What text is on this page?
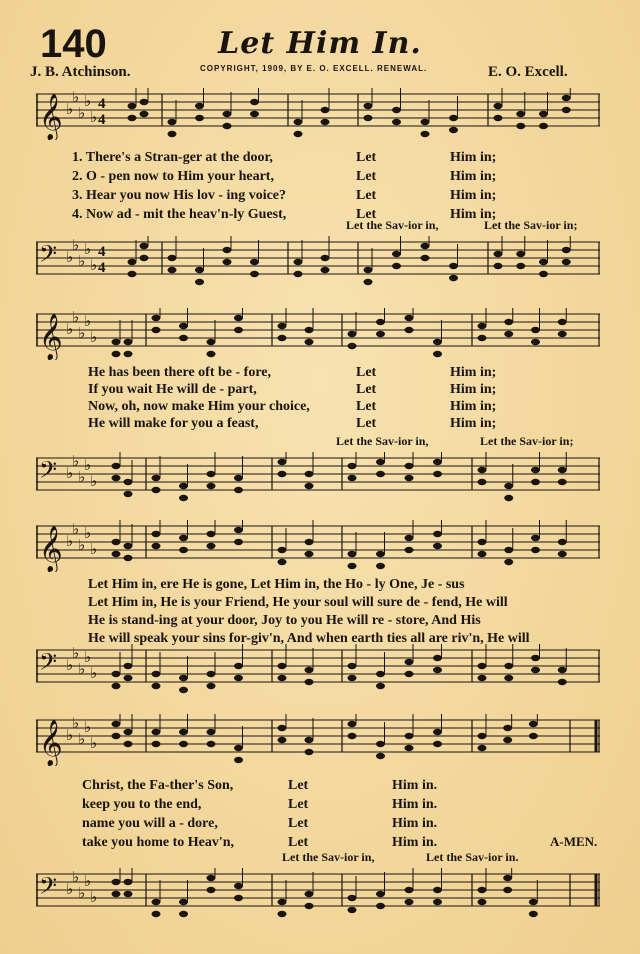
140	Let Him In.
J. B. Atchinson.	COPYRIGHT, 1909, BY E. O. EXCELL. RENEWAL.	E. O. Excell.
𝄞 ♭
♭
♭
♭
♭
4
4
1. There's a Stran-ger at the door,	Let	Him in;
2. O - pen now to Him your heart,	Let	Him in;
3. Hear you now His lov - ing voice?	Let	Him in;
4. Now ad - mit the heav'n-ly Guest,	Let	Him in;
Let the Sav-ior in,	Let the Sav-ior in;
𝄢 ♭
♭
♭
♭
♭
4
4
𝄞 ♭
♭
♭
♭
♭
He has been there oft be - fore,	Let	Him in;
If you wait He will de - part,	Let	Him in;
Now, oh, now make Him your choice,	Let	Him in;
He will make for you a feast,	Let	Him in;
Let the Sav-ior in,	Let the Sav-ior in;
𝄢 ♭
♭
♭
♭
♭
𝄞 ♭
♭
♭
♭
♭
Let Him in, ere He is gone, Let Him in, the Ho - ly One, Je - sus
Let Him in, He is your Friend, He your soul will sure de - fend, He will
He is stand-ing at your door, Joy to you He will re - store, And His
He will speak your sins for-giv'n, And when earth ties all are riv'n, He will
𝄢 ♭
♭
♭
♭
♭
𝄞 ♭
♭
♭
♭
♭
Christ, the Fa-ther's Son,	Let	Him in.
keep you to the end,	Let	Him in.
name you will a - dore,	Let	Him in.
take you home to Heav'n,	Let	Him in.	A-MEN.
Let the Sav-ior in,	Let the Sav-ior in.
𝄢 ♭
♭
♭
♭
♭
